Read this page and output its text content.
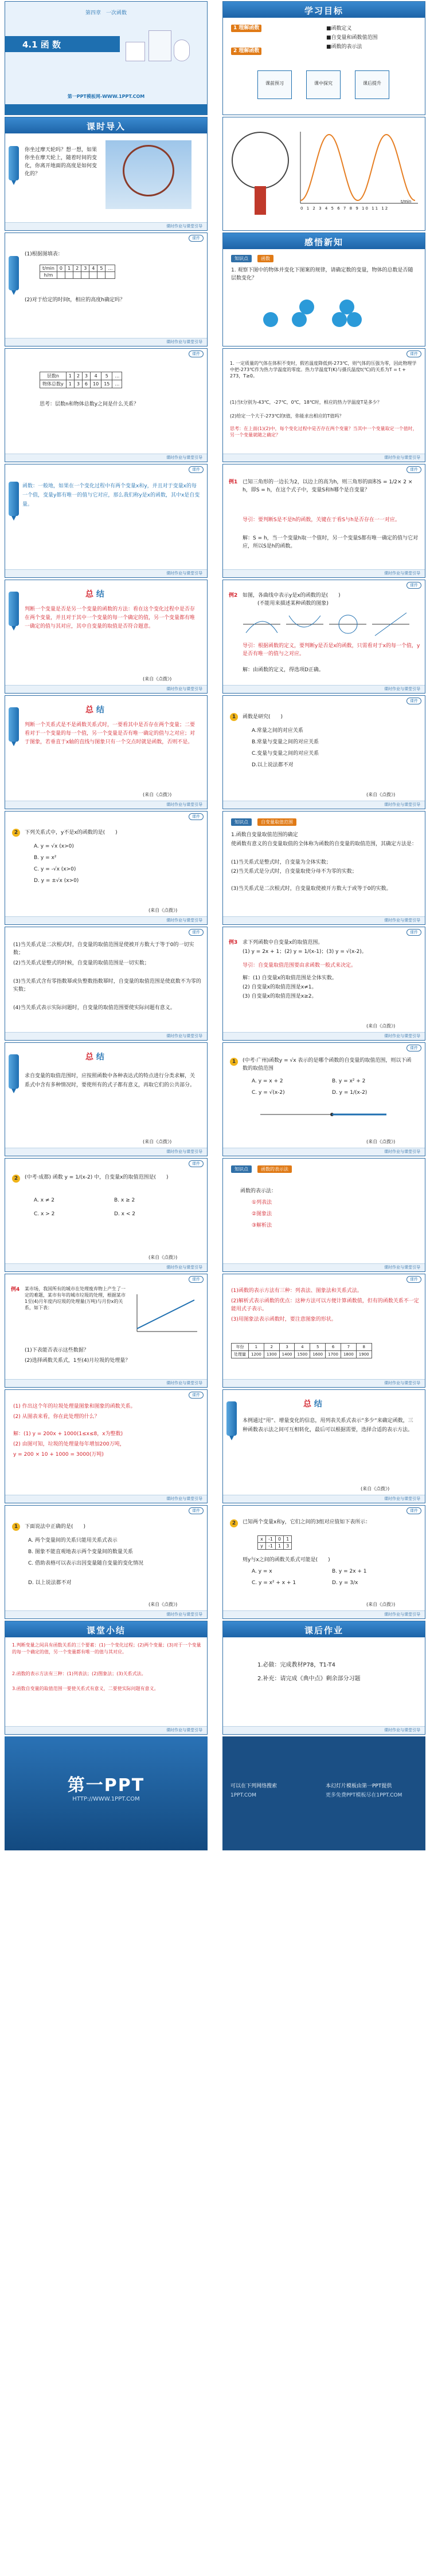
第四章　一次函数
4.1 函 数
第一PPT模板网-WWW.1PPT.COM
学习目标
1 理解函数
2 理解函数
■函数定义
■自变量和函数值范围
■函数的表示法
课前预习	课中探究	课后提升
课时导入
你坐过摩天轮吗？想一想，如果你坐在摩天轮上，随着时间的变化，你离开地面的高度是如何变化的？
课时作业与课堂引导
0 1 2 3 4 5 6 7 8 9 10 11 12
t/min
课件
(1)根据图填表：
t/min	0	1	2	3	4	5	…
h/m							
(2)对于给定的时间t，相应的高度h确定吗？
课时作业与课堂引导
感悟新知
知识点	函数
1. 观察下图中的物体并变化下图案的规律，请确定数的变量，物体的总数是否随层数变化？
课件
层数n	1	2	3	4	5	…
物体总数y	1	3	6	10	15	…
思考：层数n和物体总数y之间是什么关系？
课时作业与课堂引导
课件
1. 一定质量的气体在体积不变时，假若温度降低到-273℃，则气体的压强为零，因此物理学中把-273℃作为热力学温度的零度。热力学温度T(K)与摄氏温度t(℃)的关系为T = t + 273，T≥0。
(1)当t分别为-43℃，-27℃，0℃，18℃时，相应的热力学温度T是多少？
(2)给定一个大于-273℃的t值，你能求出相应的T值吗？
思考：在上面(1)(2)中，每个变化过程中是否存在两个变量？当其中一个变量取定一个值时，另一个变量就随之确定？
课时作业与课堂引导
课件
函数：一般地，如果在一个变化过程中有两个变量x和y，并且对于变量x的每一个值，变量y都有唯一的值与它对应，那么我们称y是x的函数，其中x是自变量。
课时作业与课堂引导
课件
例1 已知三角形的一边长为2，以边上的高为h，则三角形的面积S = 1/2× 2 × h，即S = h，在这个式子中，变量S和h哪个是自变量？
导引：要判断S是不是h的函数，关键在于看S与h是否存在一一对应。
解：S = h，当一个变量h取一个值时，另一个变量S都有唯一确定的值与它对应，所以S是h的函数。
课时作业与课堂引导
总 结
判断一个变量是否是另一个变量的函数的方法：看在这个变化过程中是否存在两个变量，并且对于其中一个变量的每一个确定的值，另一个变量都有唯一确定的值与其对应，其中自变量的取值是否符合题意。
(来自《点拨》)
课时作业与课堂引导
课件
例2 如图，各曲线中表示y是x的函数的是(　　)
(不能用来描述某种函数的图象)
导引：根据函数的定义，要判断y是否是x的函数，只需看对于x的每一个值，y是否有唯一的值与之对应。
解：由函数的定义，得选项D正确。
课时作业与课堂引导
总 结
判断一个关系式是不是函数关系式时，一要看其中是否存在两个变量；二要看对于一个变量的每一个值，另一个变量是否有唯一确定的值与之对应；对于图象，若垂直于x轴的直线与图象只有一个交点时就是函数，否则不是。
(来自《点拨》)
课时作业与课堂引导
课件
1	函数是研究(　　)
A.常量之间的对应关系
B.常量与变量之间的对应关系
C.变量与变量之间的对应关系
D.以上说法都不对
(来自《点拨》)
课时作业与课堂引导
课件
2	下列关系式中，y不是x的函数的是(　　)
A. y = √x (x>0)
B. y = x²
C. y = -√x (x>0)
D. y = ±√x (x>0)
(来自《点拨》)
课时作业与课堂引导
知识点	自变量取值范围
1.函数自变量取值范围的确定
使函数有意义的自变量取值的全体称为函数的自变量的取值范围，其确定方法是：
(1)当关系式是整式时，自变量为全体实数；
(2)当关系式是分式时，自变量取使分母不为零的实数；
(3)当关系式是二次根式时，自变量取使被开方数大于或等于0的实数。
课时作业与课堂引导
课件
(1)当关系式是二次根式时，自变量的取值范围是使被开方数大于等于0的一切实数；
(2)当关系式是整式的时候，自变量的取值范围是一切实数；
(3)当关系式含有零指数幂或负整数指数幂时，自变量的取值范围是使底数不为零的实数；
(4)当关系式表示实际问题时，自变量的取值范围要使实际问题有意义。
课时作业与课堂引导
课件
例3 求下列函数中自变量x的取值范围。
(1) y = 2x + 1；(2) y = 1/(x-1)；(3) y = √(x-2)。
导引：自变量取值范围要由求函数一般式来决定。
解：(1) 自变量x的取值范围是全体实数。
(2) 自变量x的取值范围是x≠1。
(3) 自变量x的取值范围是x≥2。
(来自《点拨》)
课时作业与课堂引导
总 结
求自变量的取值范围时，应按照函数中各种表达式的特点进行分类求解，关系式中含有多种情况时，要使所有的式子都有意义，再取它们的公共部分。
(来自《点拨》)
课时作业与课堂引导
课件
1	(中考·广州)函数y = √x 表示的是哪个函数的自变量的取值范围，则以下函数的取值范围
A. y = x + 2	B. y = x² + 2
C. y = √(x-2)	D. y = 1/(x-2)
(来自《点拨》)
课时作业与课堂引导
课件
2	(中考·成都) 函数 y = 1/(x-2) 中，自变量x的取值范围是(　　)
A. x ≠ 2	B. x ≥ 2
C. x > 2	D. x < 2
(来自《点拨》)
课时作业与课堂引导
知识点	函数的表示法
函数的表示法：
①列表法
②图象法
③解析法
课时作业与课堂引导
课件
例4 某市场，我国所有的城市在处理废弃物上产生了一定的难题，某市有年的城市垃圾的处理，根据某市1至(4)月年度内垃圾的处理量(万吨)与月份x的关系，如下表：
(1)下表能否表示这些数据？
(2)选择函数关系式，1至(4)月垃圾的处理量？
课时作业与课堂引导
课件
(1)函数的表示方法有三种：列表法、图象法和关系式法。
(2)解析式表示函数的优点：这种方法可以方便计算函数值，但有的函数关系不一定能用式子表示。
(3)用图象法表示函数时，要注意图象的形状。
年份	1	2	3	4	5	6	7	8
处理量	1200	1300	1400	1500	1600	1700	1800	1900
课时作业与课堂引导
课件
(1) 作出这个年的垃圾处理量图象和图象的函数关系。
(2) 从图表来看，你在此处理的什么？
解：(1) y = 200x + 1000(1≤x≤8，x为整数)
(2) 由图可知，垃圾的处理量每年增加200万吨，
y = 200 × 10 + 1000 = 3000(万吨)
课时作业与课堂引导
总 结
本例通过“用”、增量变化的信息，用列表关系式表示“多少“来确定函数，三种函数表示法之间可互相转化，最后可以根据需要，选择合适的表示方法。
(来自《点拨》)
课时作业与课堂引导
课件
1	下面说法中正确的是(　　)
A. 两个变量间的关系只能用关系式表示
B. 图象不能直观地表示两个变量间的数量关系
C. 借助表格可以表示出因变量随自变量的变化情况
D. 以上说法都不对
(来自《点拨》)
课时作业与课堂引导
课件
2	已知两个变量x和y，它们之间的3组对应值如下表所示：
x	-1	0	1
y	-1	1	3
则y与x之间的函数关系式可能是(　　)
A. y = x	B. y = 2x + 1
C. y = x² + x + 1	D. y = 3/x
(来自《点拨》)
课时作业与课堂引导
课堂小结
1.判断变量之间具有函数关系的三个要素：(1)一个变化过程；(2)两个变量；(3)对于一个变量的每一个确定的值，另一个变量都有唯一的值与其对应。
2.函数的表示方法有三种：(1)列表法；(2)图象法；(3)关系式法。
3.函数自变量的取值范围一要使关系式有意义，二要使实际问题有意义。
课时作业与课堂引导
课后作业
1.必做：完成教材P78，T1-T4
2.补充：请完成《典中点》剩余部分习题
课时作业与课堂引导
第一PPT
HTTP://WWW.1PPT.COM
可以在下列网络搜索
1PPT.COM
本幻灯片模板由第一PPT提供
更多免费PPT模板尽在1PPT.COM
